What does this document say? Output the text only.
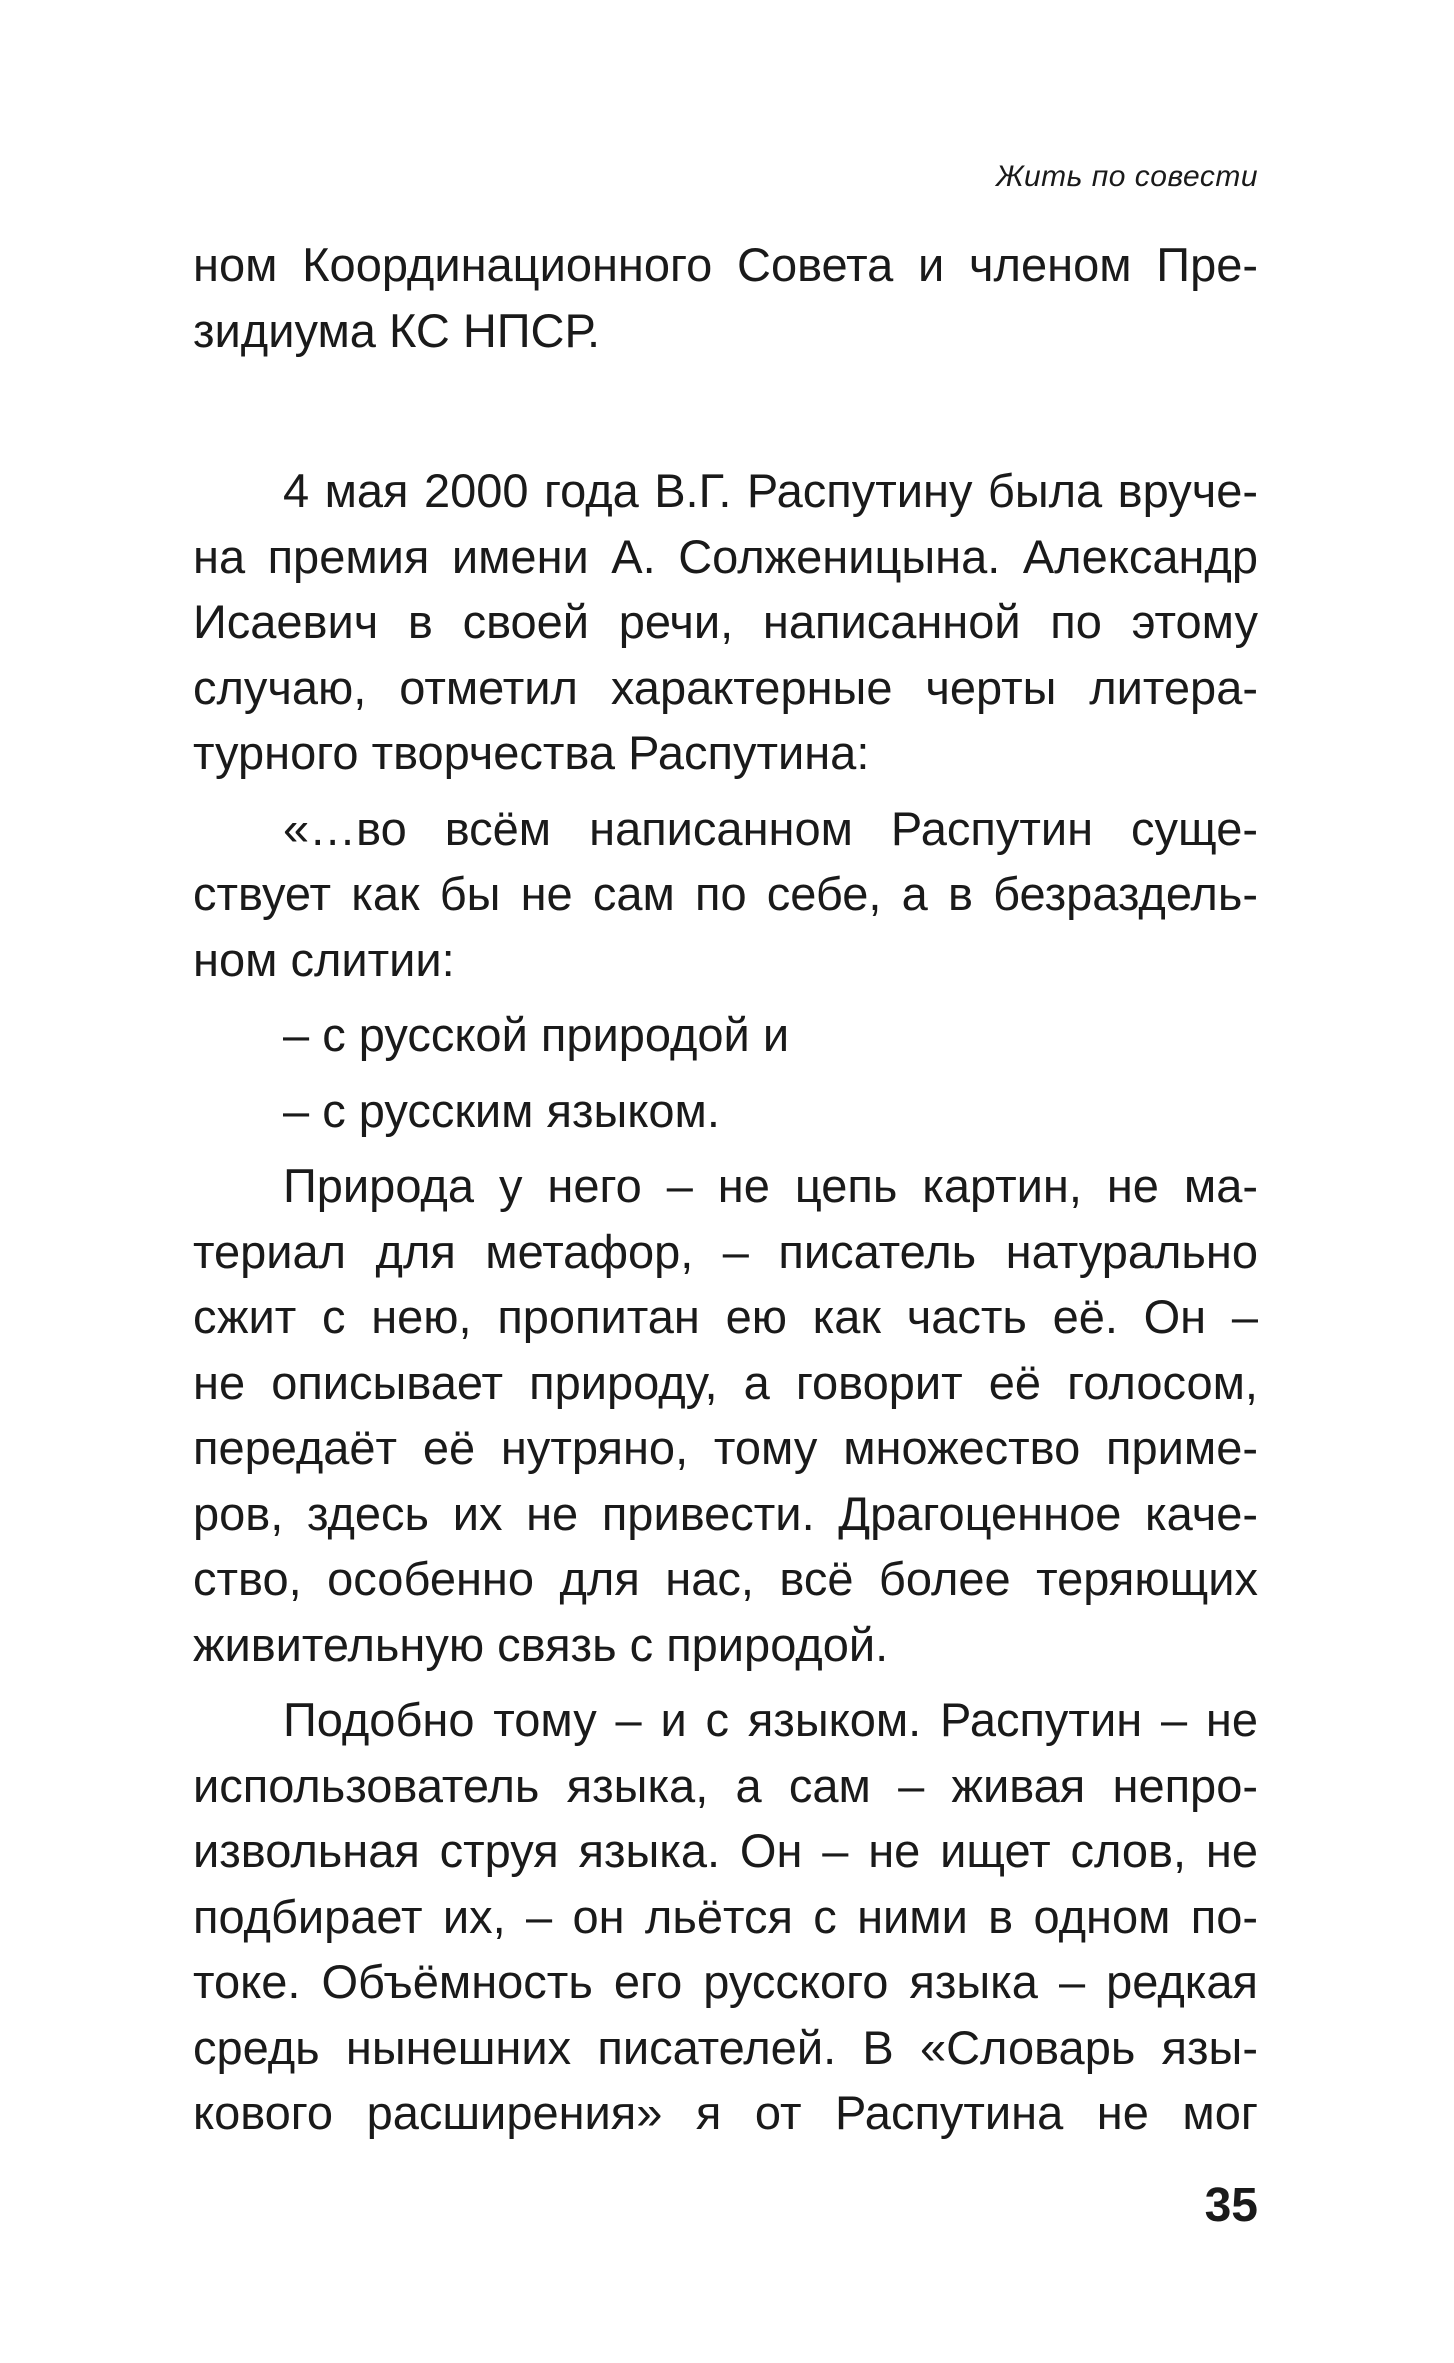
Жить по совести
ном Координационного Совета и членом Пре-
зидиума КС НПСР.
4 мая 2000 года В.Г. Распутину была вруче-
на премия имени А. Солженицына. Александр
Исаевич в своей речи, написанной по этому
случаю, отметил характерные черты литера-
турного творчества Распутина:
«…во всём написанном Распутин суще-
ствует как бы не сам по себе, а в безраздель-
ном слитии:
– с русской природой и
– с русским языком.
Природа у него – не цепь картин, не ма-
териал для метафор, – писатель натурально
сжит с нею, пропитан ею как часть её. Он –
не описывает природу, а говорит её голосом,
передаёт её нутряно, тому множество приме-
ров, здесь их не привести. Драгоценное каче-
ство, особенно для нас, всё более теряющих
живительную связь с природой.
Подобно тому – и с языком. Распутин – не
использователь языка, а сам – живая непро-
извольная струя языка. Он – не ищет слов, не
подбирает их, – он льётся с ними в одном по-
токе. Объёмность его русского языка – редкая
средь нынешних писателей. В «Словарь язы-
кового расширения» я от Распутина не мог
35
